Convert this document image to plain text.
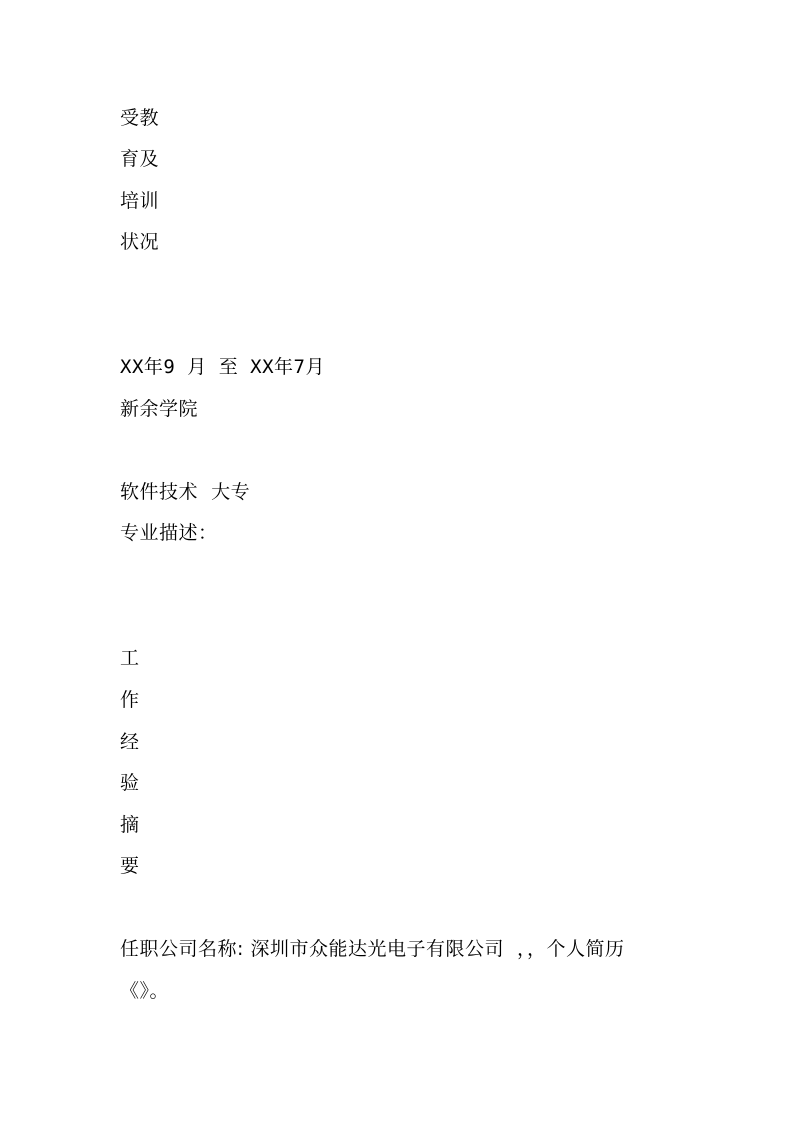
受教
育及
培训
状况
XX年9 月 至 XX年7月
新余学院
软件技术  大专
专业描述：
工
作
经
验
摘
要
任职公司名称: 深圳市众能达光电子有限公司  ，，个人简历
《》。
